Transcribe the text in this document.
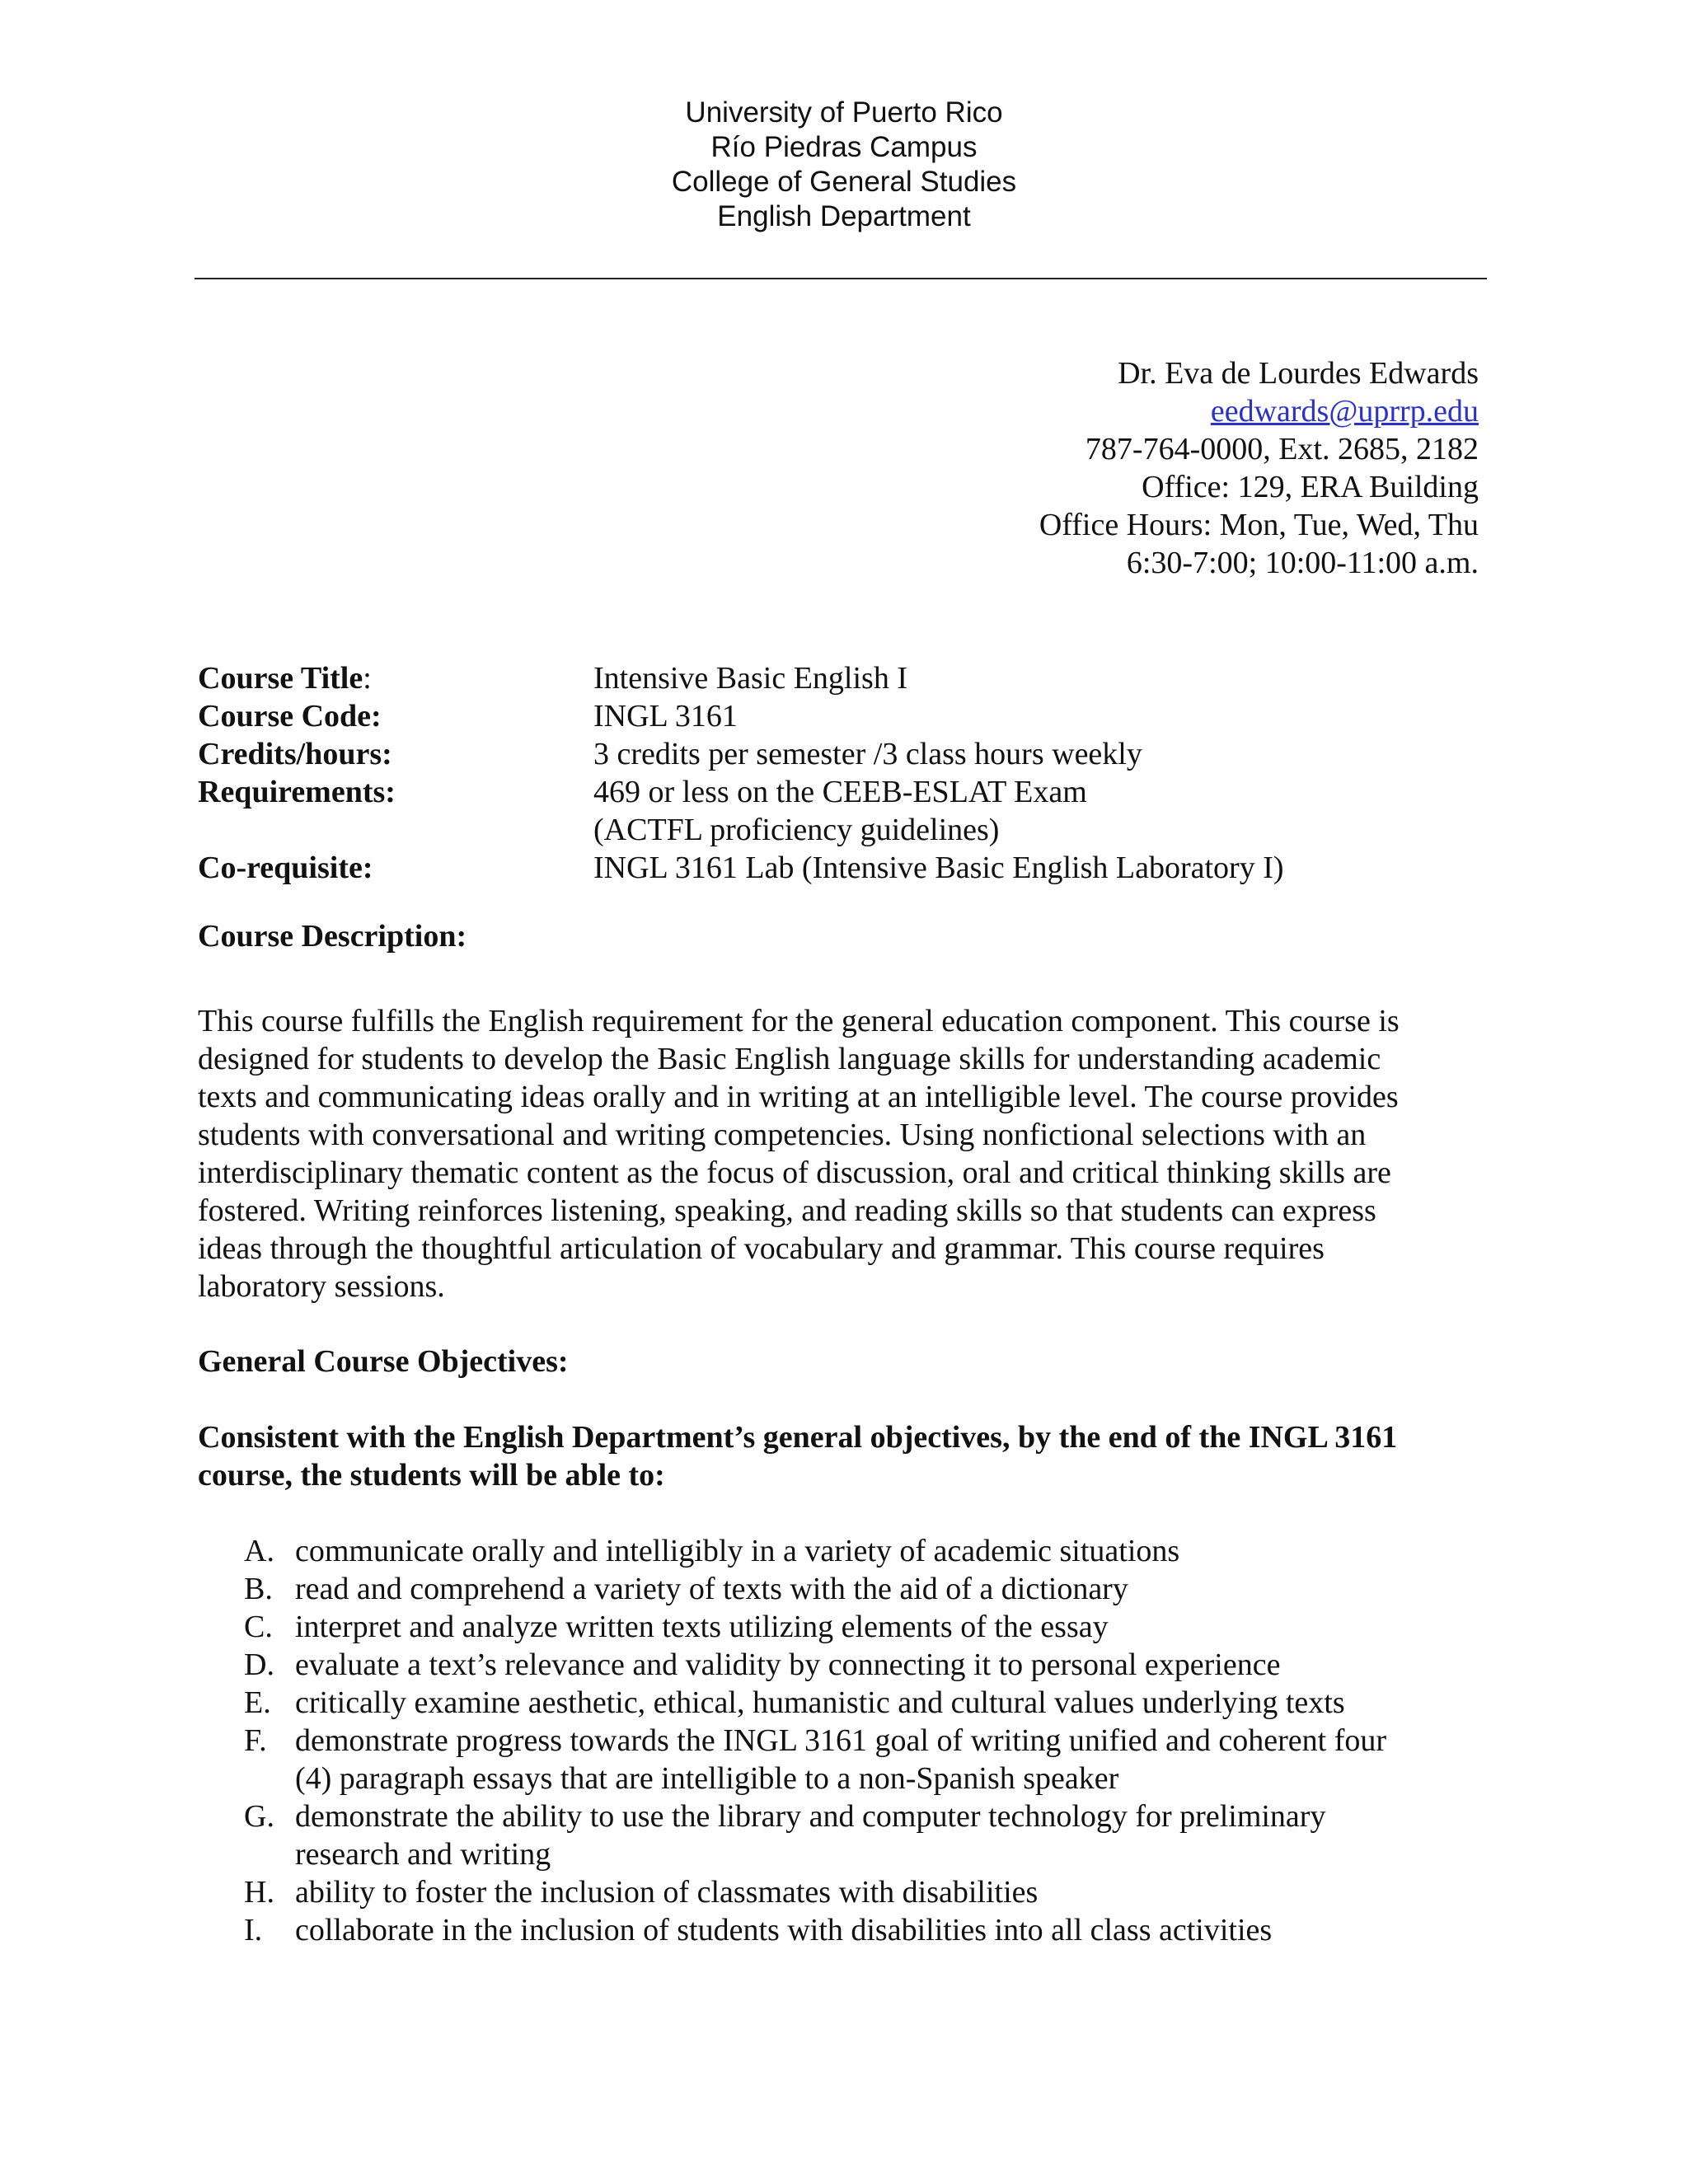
University of Puerto Rico
Río Piedras Campus
College of General Studies
English Department
Dr. Eva de Lourdes Edwards
eedwards@uprrp.edu
787-764-0000, Ext. 2685, 2182
Office: 129, ERA Building
Office Hours: Mon, Tue, Wed, Thu
6:30-7:00; 10:00-11:00 a.m.
Course Title:	Intensive Basic English I
Course Code:	INGL 3161
Credits/hours:	3 credits per semester /3 class hours weekly
Requirements:	469 or less on the CEEB-ESLAT Exam
(ACTFL proficiency guidelines)
Co-requisite:	INGL 3161 Lab (Intensive Basic English Laboratory I)
Course Description:
This course fulfills the English requirement for the general education component. This course is
designed for students to develop the Basic English language skills for understanding academic
texts and communicating ideas orally and in writing at an intelligible level. The course provides
students with conversational and writing competencies. Using nonfictional selections with an
interdisciplinary thematic content as the focus of discussion, oral and critical thinking skills are
fostered. Writing reinforces listening, speaking, and reading skills so that students can express
ideas through the thoughtful articulation of vocabulary and grammar. This course requires
laboratory sessions.
General Course Objectives:
Consistent with the English Department’s general objectives, by the end of the INGL 3161
course, the students will be able to:
A. communicate orally and intelligibly in a variety of academic situations
B. read and comprehend a variety of texts with the aid of a dictionary
C. interpret and analyze written texts utilizing elements of the essay
D. evaluate a text’s relevance and validity by connecting it to personal experience
E. critically examine aesthetic, ethical, humanistic and cultural values underlying texts
F. demonstrate progress towards the INGL 3161 goal of writing unified and coherent four
(4) paragraph essays that are intelligible to a non-Spanish speaker
G. demonstrate the ability to use the library and computer technology for preliminary
research and writing
H. ability to foster the inclusion of classmates with disabilities
I.	collaborate in the inclusion of students with disabilities into all class activities
